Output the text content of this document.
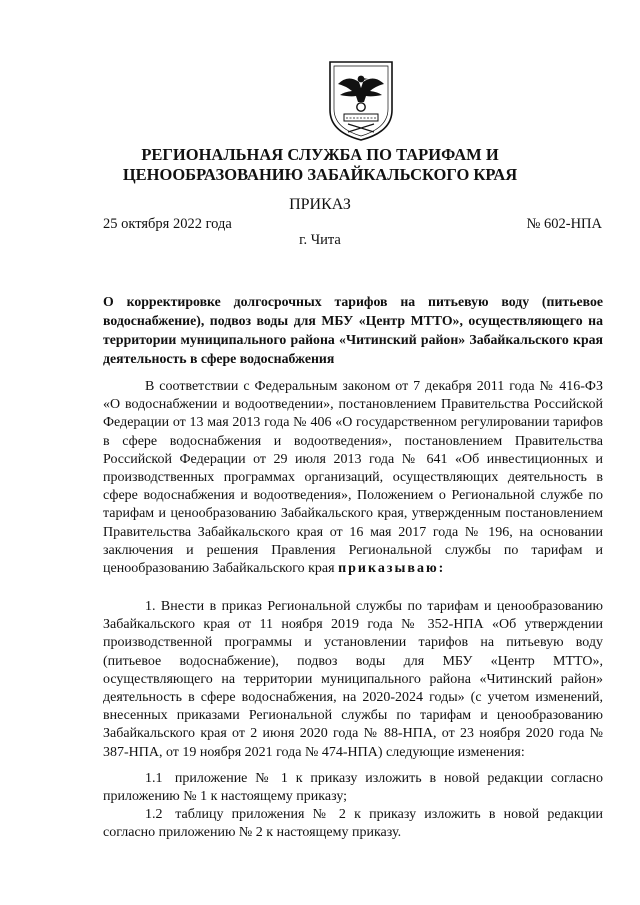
РЕГИОНАЛЬНАЯ СЛУЖБА ПО ТАРИФАМ И
ЦЕНООБРАЗОВАНИЮ ЗАБАЙКАЛЬСКОГО КРАЯ

ПРИКАЗ

25 октября 2022 года	№ 602-НПА
г. Чита

О корректировке долгосрочных тарифов на питьевую воду (питьевое водоснабжение), подвоз воды для МБУ «Центр МТТО», осуществляющего на территории муниципального района «Читинский район» Забайкальского края деятельность в сфере водоснабжения

В соответствии с Федеральным законом от 7 декабря 2011 года № 416-ФЗ «О водоснабжении и водоотведении», постановлением Правительства Российской Федерации от 13 мая 2013 года № 406 «О государственном регулировании тарифов в сфере водоснабжения и водоотведения», постановлением Правительства Российской Федерации от 29 июля 2013 года № 641 «Об инвестиционных и производственных программах организаций, осуществляющих деятельность в сфере водоснабжения и водоотведения», Положением о Региональной службе по тарифам и ценообразованию Забайкальского края, утвержденным постановлением Правительства Забайкальского края от 16 мая 2017 года № 196, на основании заключения и решения Правления Региональной службы по тарифам и ценообразованию Забайкальского края приказываю:

1. Внести в приказ Региональной службы по тарифам и ценообразованию Забайкальского края от 11 ноября 2019 года № 352-НПА «Об утверждении производственной программы и установлении тарифов на питьевую воду (питьевое водоснабжение), подвоз воды для МБУ «Центр МТТО», осуществляющего на территории муниципального района «Читинский район» деятельность в сфере водоснабжения, на 2020-2024 годы» (с учетом изменений, внесенных приказами Региональной службы по тарифам и ценообразованию Забайкальского края от 2 июня 2020 года № 88-НПА, от 23 ноября 2020 года № 387-НПА, от 19 ноября 2021 года № 474-НПА) следующие изменения:

1.1 приложение № 1 к приказу изложить в новой редакции согласно приложению № 1 к настоящему приказу;

1.2 таблицу приложения № 2 к приказу изложить в новой редакции согласно приложению № 2 к настоящему приказу.
